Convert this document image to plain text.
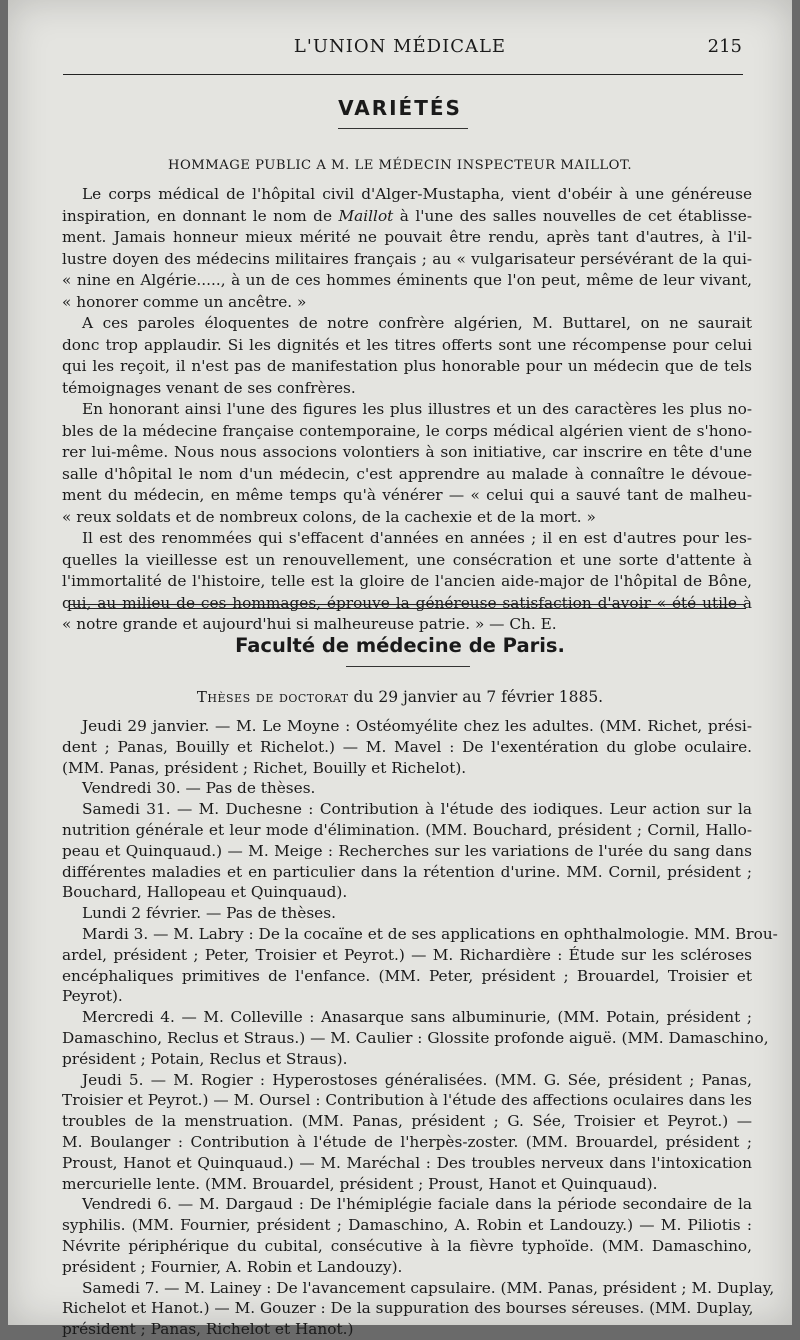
L'UNION MÉDICALE	215
VARIÉTÉS
HOMMAGE PUBLIC A M. LE MÉDECIN INSPECTEUR MAILLOT.
Le corps médical de l'hôpital civil d'Alger-Mustapha, vient d'obéir à une généreuse
inspiration, en donnant le nom de Maillot à l'une des salles nouvelles de cet établisse-
ment. Jamais honneur mieux mérité ne pouvait être rendu, après tant d'autres, à l'il-
lustre doyen des médecins militaires français ; au « vulgarisateur persévérant de la qui-
« nine en Algérie....., à un de ces hommes éminents que l'on peut, même de leur vivant,
« honorer comme un ancêtre. »
A ces paroles éloquentes de notre confrère algérien, M. Buttarel, on ne saurait
donc trop applaudir. Si les dignités et les titres offerts sont une récompense pour celui
qui les reçoit, il n'est pas de manifestation plus honorable pour un médecin que de tels
témoignages venant de ses confrères.
En honorant ainsi l'une des figures les plus illustres et un des caractères les plus no-
bles de la médecine française contemporaine, le corps médical algérien vient de s'hono-
rer lui-même. Nous nous associons volontiers à son initiative, car inscrire en tête d'une
salle d'hôpital le nom d'un médecin, c'est apprendre au malade à connaître le dévoue-
ment du médecin, en même temps qu'à vénérer — « celui qui a sauvé tant de malheu-
« reux soldats et de nombreux colons, de la cachexie et de la mort. »
Il est des renommées qui s'effacent d'années en années ; il en est d'autres pour les-
quelles la vieillesse est un renouvellement, une consécration et une sorte d'attente à
l'immortalité de l'histoire, telle est la gloire de l'ancien aide-major de l'hôpital de Bône,
qui, au milieu de ces hommages, éprouve la généreuse satisfaction d'avoir « été utile à
« notre grande et aujourd'hui si malheureuse patrie. » — Ch. E.
Faculté de médecine de Paris.
Thèses de doctorat du 29 janvier au 7 février 1885.
Jeudi 29 janvier. — M. Le Moyne : Ostéomyélite chez les adultes. (MM. Richet, prési-
dent ; Panas, Bouilly et Richelot.) — M. Mavel : De l'exentération du globe oculaire.
(MM. Panas, président ; Richet, Bouilly et Richelot).
Vendredi 30. — Pas de thèses.
Samedi 31. — M. Duchesne : Contribution à l'étude des iodiques. Leur action sur la
nutrition générale et leur mode d'élimination. (MM. Bouchard, président ; Cornil, Hallo-
peau et Quinquaud.) — M. Meige : Recherches sur les variations de l'urée du sang dans
différentes maladies et en particulier dans la rétention d'urine. MM. Cornil, président ;
Bouchard, Hallopeau et Quinquaud).
Lundi 2 février. — Pas de thèses.
Mardi 3. — M. Labry : De la cocaïne et de ses applications en ophthalmologie. MM. Brou-
ardel, président ; Peter, Troisier et Peyrot.) — M. Richardière : Étude sur les scléroses
encéphaliques primitives de l'enfance. (MM. Peter, président ; Brouardel, Troisier et
Peyrot).
Mercredi 4. — M. Colleville : Anasarque sans albuminurie, (MM. Potain, président ;
Damaschino, Reclus et Straus.) — M. Caulier : Glossite profonde aiguë. (MM. Damaschino,
président ; Potain, Reclus et Straus).
Jeudi 5. — M. Rogier : Hyperostoses généralisées. (MM. G. Sée, président ; Panas,
Troisier et Peyrot.) — M. Oursel : Contribution à l'étude des affections oculaires dans les
troubles de la menstruation. (MM. Panas, président ; G. Sée, Troisier et Peyrot.) —
M. Boulanger : Contribution à l'étude de l'herpès-zoster. (MM. Brouardel, président ;
Proust, Hanot et Quinquaud.) — M. Maréchal : Des troubles nerveux dans l'intoxication
mercurielle lente. (MM. Brouardel, président ; Proust, Hanot et Quinquaud).
Vendredi 6. — M. Dargaud : De l'hémiplégie faciale dans la période secondaire de la
syphilis. (MM. Fournier, président ; Damaschino, A. Robin et Landouzy.) — M. Piliotis :
Névrite périphérique du cubital, consécutive à la fièvre typhoïde. (MM. Damaschino,
président ; Fournier, A. Robin et Landouzy).
Samedi 7. — M. Lainey : De l'avancement capsulaire. (MM. Panas, président ; M. Duplay,
Richelot et Hanot.) — M. Gouzer : De la suppuration des bourses séreuses. (MM. Duplay,
président ; Panas, Richelot et Hanot.)
